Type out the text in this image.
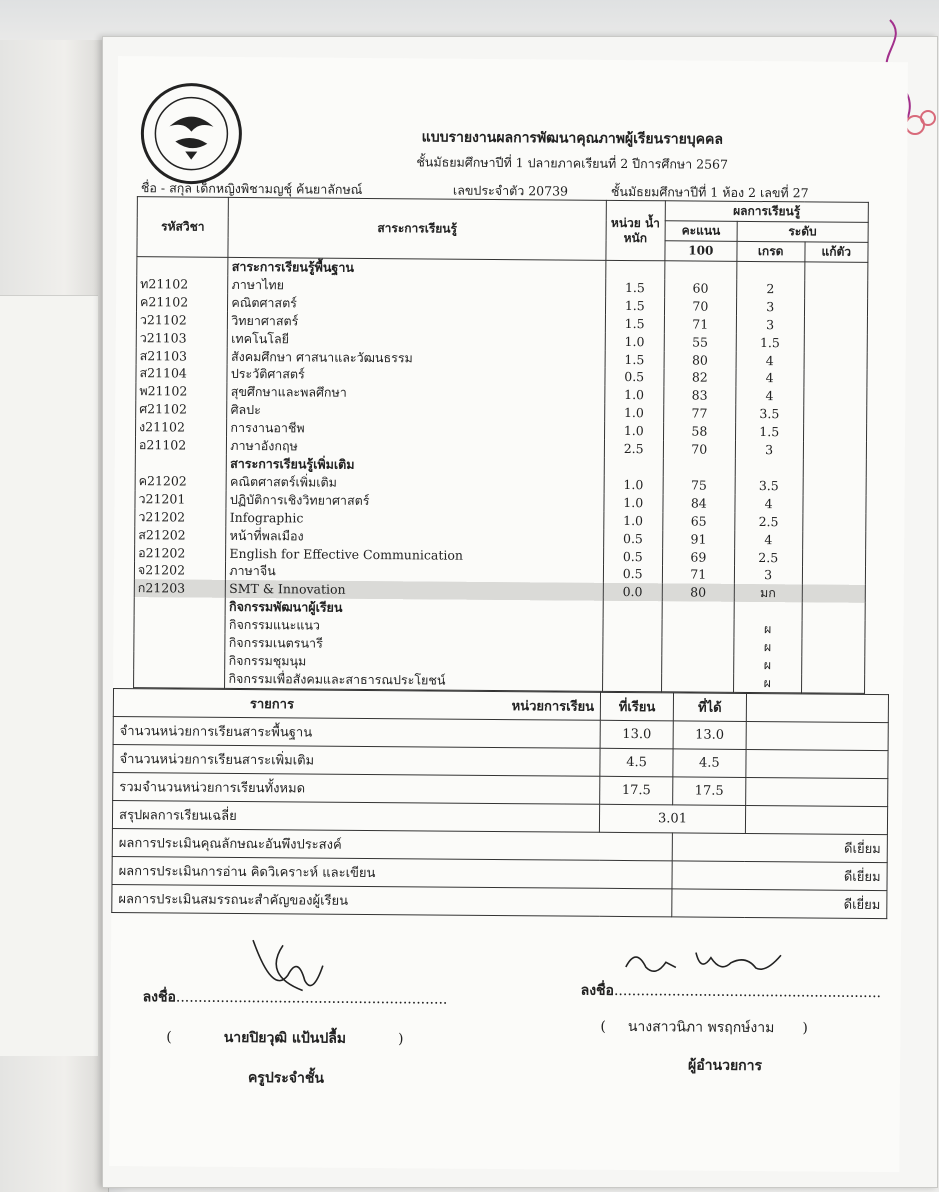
แบบรายงานผลการพัฒนาคุณภาพผู้เรียนรายบุคคล
ชั้นมัธยมศึกษาปีที่ 1 ปลายภาคเรียนที่ 2 ปีการศึกษา 2567
ชื่อ - สกุล เด็กหญิงพิชามญชุ์ ค้นยาลักษณ์	เลขประจำตัว 20739	ชั้นมัธยมศึกษาปีที่ 1 ห้อง 2 เลขที่ 27
รหัสวิชา	สาระการเรียนรู้	หน่วย น้ำหนัก	ผลการเรียนรู้		
			คะแนน	ระดับ	
			100	เกรด	แก้ตัว
	สาระการเรียนรู้พื้นฐาน				
ท21102	ภาษาไทย	1.5	60	2	
ค21102	คณิตศาสตร์	1.5	70	3	
ว21102	วิทยาศาสตร์	1.5	71	3	
ว21103	เทคโนโลยี	1.0	55	1.5	
ส21103	สังคมศึกษา ศาสนาและวัฒนธรรม	1.5	80	4	
ส21104	ประวัติศาสตร์	0.5	82	4	
พ21102	สุขศึกษาและพลศึกษา	1.0	83	4	
ศ21102	ศิลปะ	1.0	77	3.5	
ง21102	การงานอาชีพ	1.0	58	1.5	
อ21102	ภาษาอังกฤษ	2.5	70	3	
	สาระการเรียนรู้เพิ่มเติม				
ค21202	คณิตศาสตร์เพิ่มเติม	1.0	75	3.5	
ว21201	ปฏิบัติการเชิงวิทยาศาสตร์	1.0	84	4	
ว21202	Infographic	1.0	65	2.5	
ส21202	หน้าที่พลเมือง	0.5	91	4	
อ21202	English for Effective Communication	0.5	69	2.5	
จ21202	ภาษาจีน	0.5	71	3	
ก21203	SMT & Innovation	0.0	80	มก	
	กิจกรรมพัฒนาผู้เรียน				
	กิจกรรมแนะแนว			ผ	
	กิจกรรมเนตรนารี			ผ	
	กิจกรรมชุมนุม			ผ	
	กิจกรรมเพื่อสังคมและสาธารณประโยชน์			ผ	
รายการ หน่วยการเรียน	ที่เรียน	ที่ได้	
จำนวนหน่วยการเรียนสาระพื้นฐาน	13.0	13.0	
จำนวนหน่วยการเรียนสาระเพิ่มเติม	4.5	4.5	
รวมจำนวนหน่วยการเรียนทั้งหมด	17.5	17.5	
สรุปผลการเรียนเฉลี่ย	3.01		
ผลการประเมินคุณลักษณะอันพึงประสงค์		ดีเยี่ยม	
ผลการประเมินการอ่าน คิดวิเคราะห์ และเขียน		ดีเยี่ยม	
ผลการประเมินสมรรถนะสำคัญของผู้เรียน		ดีเยี่ยม	
ลงชื่อ.............................................................
(	นายปิยวุฒิ แป้นปลื้ม	)
ครูประจำชั้น
ลงชื่อ............................................................
( นางสาวนิภา พรฤกษ์งาม )
ผู้อำนวยการ
